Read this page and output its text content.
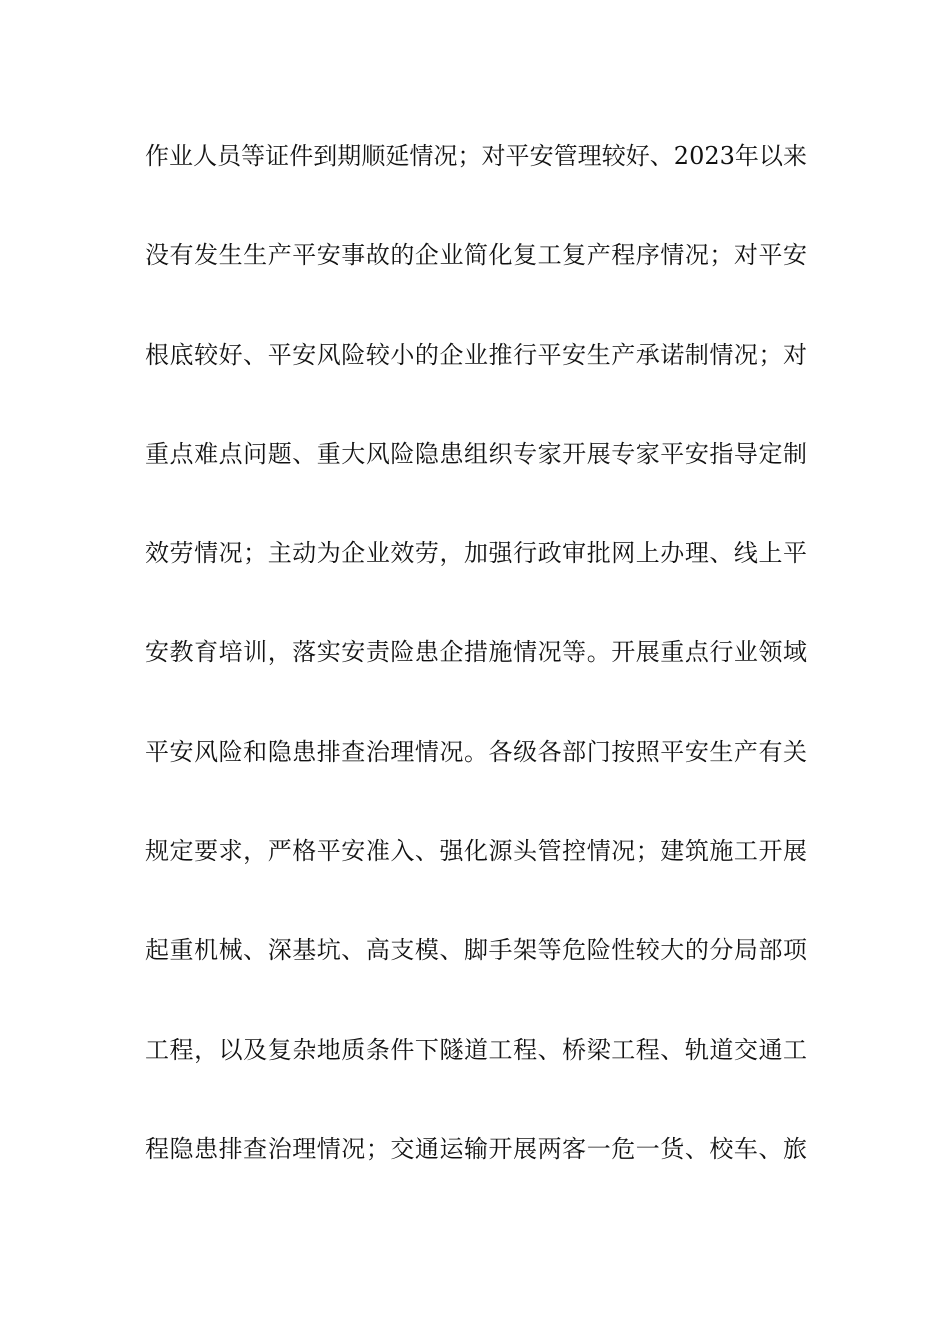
作业人员等证件到期顺延情况；对平安管理较好、2023年以来
没有发生生产平安事故的企业简化复工复产程序情况；对平安
根底较好、平安风险较小的企业推行平安生产承诺制情况；对
重点难点问题、重大风险隐患组织专家开展专家平安指导定制
效劳情况；主动为企业效劳，加强行政审批网上办理、线上平
安教育培训，落实安责险患企措施情况等。开展重点行业领域
平安风险和隐患排查治理情况。各级各部门按照平安生产有关
规定要求，严格平安准入、强化源头管控情况；建筑施工开展
起重机械、深基坑、高支模、脚手架等危险性较大的分局部项
工程，以及复杂地质条件下隧道工程、桥梁工程、轨道交通工
程隐患排查治理情况；交通运输开展两客一危一货、校车、旅
